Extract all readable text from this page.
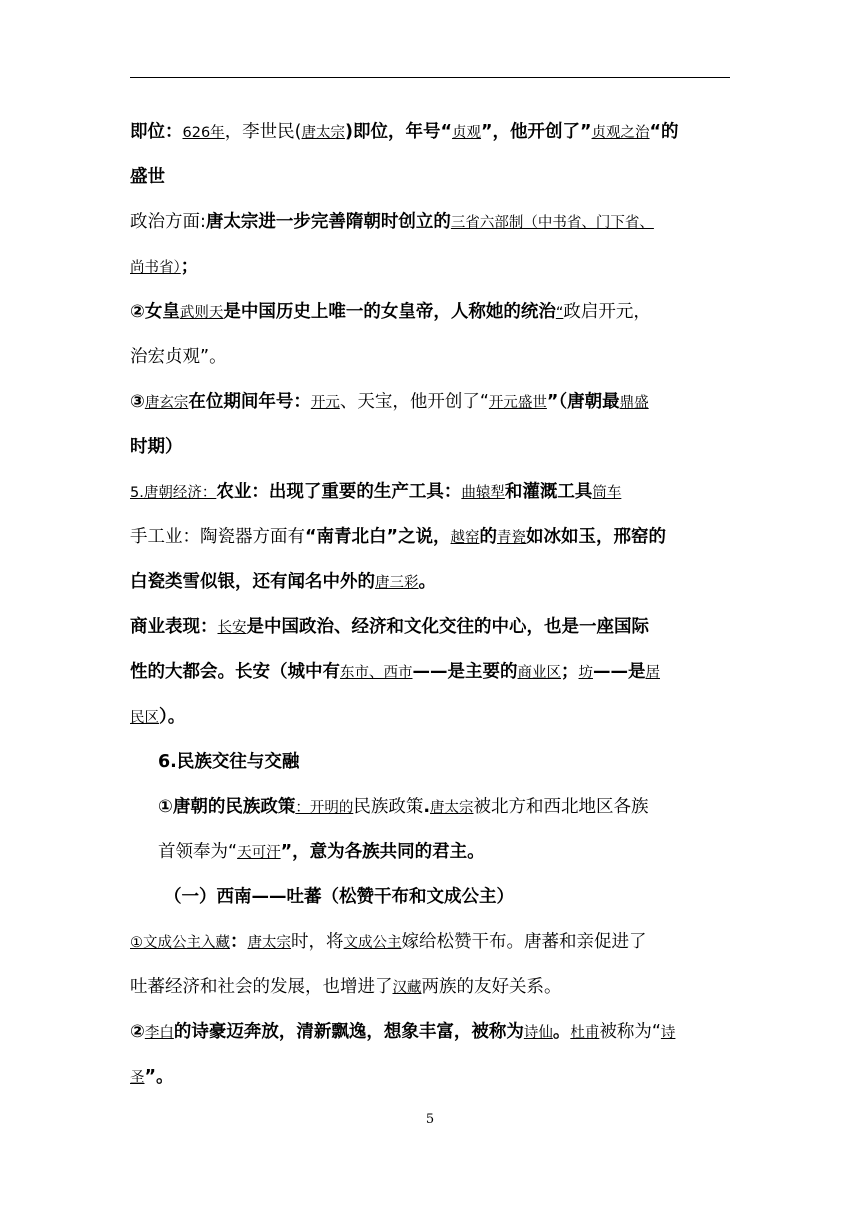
即位：626年，李世民(唐太宗)即位，年号“贞观”，他开创了”贞观之治“的
盛世
政治方面:唐太宗进一步完善隋朝时创立的三省六部制（中书省、门下省、
尚书省）；
②女皇武则天是中国历史上唯一的女皇帝，人称她的统治“政启开元，
治宏贞观”。
③唐玄宗在位期间年号：开元、天宝，他开创了“开元盛世”（唐朝最鼎盛
时期）
5.唐朝经济：农业：出现了重要的生产工具：曲辕犁和灌溉工具筒车
手工业：陶瓷器方面有“南青北白”之说，越窑的青瓷如冰如玉，邢窑的
白瓷类雪似银，还有闻名中外的唐三彩。
商业表现：长安是中国政治、经济和文化交往的中心，也是一座国际
性的大都会。长安（城中有东市、西市——是主要的商业区；坊——是居
民区）。
6.民族交往与交融
①唐朝的民族政策：开明的民族政策.唐太宗被北方和西北地区各族
首领奉为“天可汗”，意为各族共同的君主。
（一）西南——吐蕃（松赞干布和文成公主）
①文成公主入藏：唐太宗时，将文成公主嫁给松赞干布。唐蕃和亲促进了
吐蕃经济和社会的发展，也增进了汉藏两族的友好关系。
②李白的诗豪迈奔放，清新飘逸，想象丰富，被称为诗仙。杜甫被称为“诗
圣”。
5
